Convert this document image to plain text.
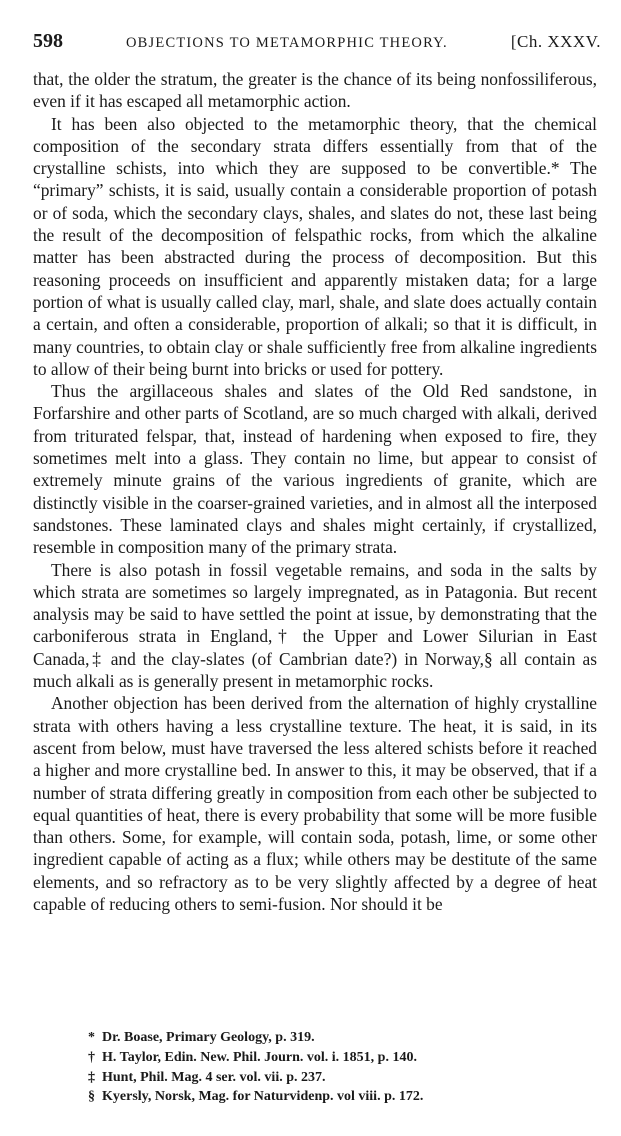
598	OBJECTIONS TO METAMORPHIC THEORY.	[Ch. XXXV.

that, the older the stratum, the greater is the chance of its being nonfossiliferous, even if it has escaped all metamorphic action.

It has been also objected to the metamorphic theory, that the chemical composition of the secondary strata differs essentially from that of the crystalline schists, into which they are supposed to be convertible.* The “primary” schists, it is said, usually contain a considerable proportion of potash or of soda, which the secondary clays, shales, and slates do not, these last being the result of the decomposition of felspathic rocks, from which the alkaline matter has been abstracted during the process of decomposition. But this reasoning proceeds on insufficient and apparently mistaken data; for a large portion of what is usually called clay, marl, shale, and slate does actually contain a certain, and often a considerable, proportion of alkali; so that it is difficult, in many countries, to obtain clay or shale sufficiently free from alkaline ingredients to allow of their being burnt into bricks or used for pottery.

Thus the argillaceous shales and slates of the Old Red sandstone, in Forfarshire and other parts of Scotland, are so much charged with alkali, derived from triturated felspar, that, instead of hardening when exposed to fire, they sometimes melt into a glass. They contain no lime, but appear to consist of extremely minute grains of the various ingredients of granite, which are distinctly visible in the coarser-grained varieties, and in almost all the interposed sandstones. These laminated clays and shales might certainly, if crystallized, resemble in composition many of the primary strata.

There is also potash in fossil vegetable remains, and soda in the salts by which strata are sometimes so largely impregnated, as in Patagonia. But recent analysis may be said to have settled the point at issue, by demonstrating that the carboniferous strata in England,† the Upper and Lower Silurian in East Canada,‡ and the clay-slates (of Cambrian date?) in Norway,§ all contain as much alkali as is generally present in metamorphic rocks.

Another objection has been derived from the alternation of highly crystalline strata with others having a less crystalline texture. The heat, it is said, in its ascent from below, must have traversed the less altered schists before it reached a higher and more crystalline bed. In answer to this, it may be observed, that if a number of strata differing greatly in composition from each other be subjected to equal quantities of heat, there is every probability that some will be more fusible than others. Some, for example, will contain soda, potash, lime, or some other ingredient capable of acting as a flux; while others may be destitute of the same elements, and so refractory as to be very slightly affected by a degree of heat capable of reducing others to semi-fusion. Nor should it be

* Dr. Boase, Primary Geology, p. 319.
† H. Taylor, Edin. New. Phil. Journ. vol. i. 1851, p. 140.
‡ Hunt, Phil. Mag. 4 ser. vol. vii. p. 237.
§ Kyersly, Norsk, Mag. for Naturvidenp. vol viii. p. 172.
